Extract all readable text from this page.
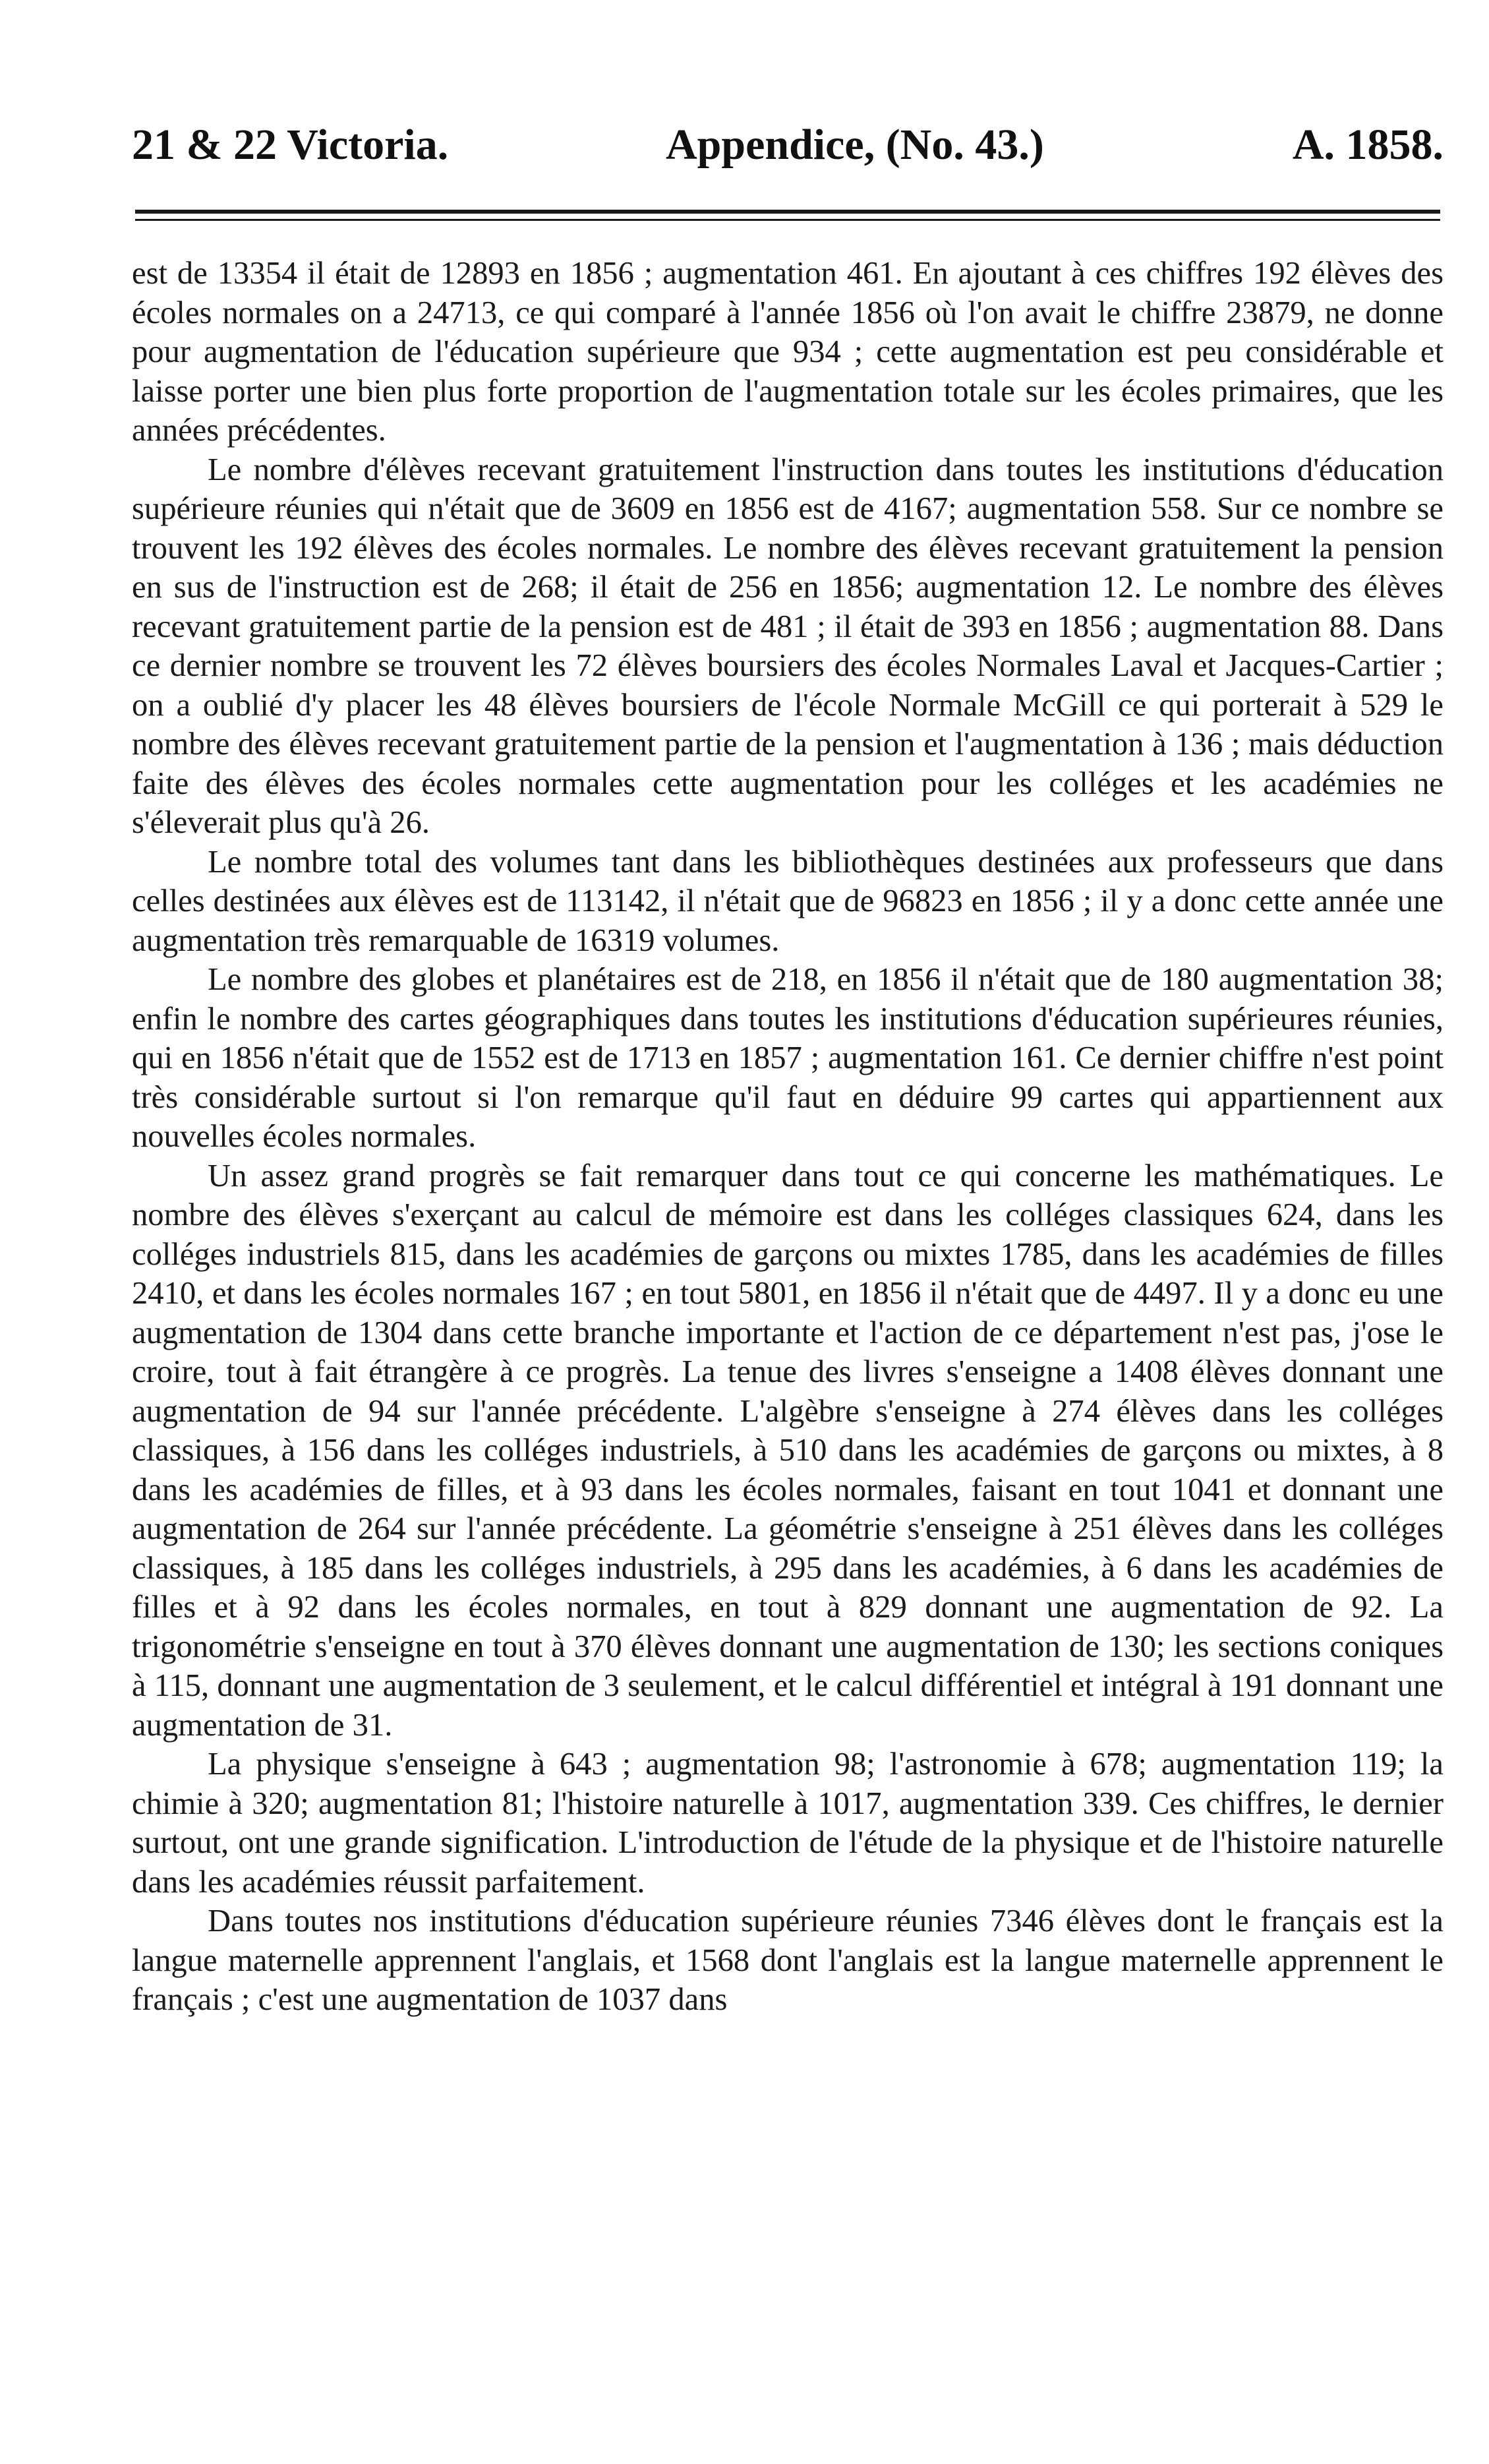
21 & 22 Victoria.	Appendice, (No. 43.)	A. 1858.

est de 13354 il était de 12893 en 1856 ; augmentation 461. En ajoutant à ces chiffres 192 élèves des écoles normales on a 24713, ce qui comparé à l'année 1856 où l'on avait le chiffre 23879, ne donne pour augmentation de l'éducation supérieure que 934 ; cette augmentation est peu considérable et laisse porter une bien plus forte proportion de l'augmentation totale sur les écoles primaires, que les années précédentes.

Le nombre d'élèves recevant gratuitement l'instruction dans toutes les institutions d'éducation supérieure réunies qui n'était que de 3609 en 1856 est de 4167; augmentation 558. Sur ce nombre se trouvent les 192 élèves des écoles normales. Le nombre des élèves recevant gratuitement la pension en sus de l'instruction est de 268; il était de 256 en 1856; augmentation 12. Le nombre des élèves recevant gratuitement partie de la pension est de 481 ; il était de 393 en 1856 ; augmentation 88. Dans ce dernier nombre se trouvent les 72 élèves boursiers des écoles Normales Laval et Jacques-Cartier ; on a oublié d'y placer les 48 élèves boursiers de l'école Normale McGill ce qui porterait à 529 le nombre des élèves recevant gratuitement partie de la pension et l'augmentation à 136 ; mais déduction faite des élèves des écoles normales cette augmentation pour les colléges et les académies ne s'éleverait plus qu'à 26.

Le nombre total des volumes tant dans les bibliothèques destinées aux professeurs que dans celles destinées aux élèves est de 113142, il n'était que de 96823 en 1856 ; il y a donc cette année une augmentation très remarquable de 16319 volumes.

Le nombre des globes et planétaires est de 218, en 1856 il n'était que de 180 augmentation 38; enfin le nombre des cartes géographiques dans toutes les institutions d'éducation supérieures réunies, qui en 1856 n'était que de 1552 est de 1713 en 1857 ; augmentation 161. Ce dernier chiffre n'est point très considérable surtout si l'on remarque qu'il faut en déduire 99 cartes qui appartiennent aux nouvelles écoles normales.

Un assez grand progrès se fait remarquer dans tout ce qui concerne les mathématiques. Le nombre des élèves s'exerçant au calcul de mémoire est dans les colléges classiques 624, dans les colléges industriels 815, dans les académies de garçons ou mixtes 1785, dans les académies de filles 2410, et dans les écoles normales 167 ; en tout 5801, en 1856 il n'était que de 4497. Il y a donc eu une augmentation de 1304 dans cette branche importante et l'action de ce département n'est pas, j'ose le croire, tout à fait étrangère à ce progrès. La tenue des livres s'enseigne a 1408 élèves donnant une augmentation de 94 sur l'année précédente. L'algèbre s'enseigne à 274 élèves dans les colléges classiques, à 156 dans les colléges industriels, à 510 dans les académies de garçons ou mixtes, à 8 dans les académies de filles, et à 93 dans les écoles normales, faisant en tout 1041 et donnant une augmentation de 264 sur l'année précédente. La géométrie s'enseigne à 251 élèves dans les colléges classiques, à 185 dans les colléges industriels, à 295 dans les académies, à 6 dans les académies de filles et à 92 dans les écoles normales, en tout à 829 donnant une augmentation de 92. La trigonométrie s'enseigne en tout à 370 élèves donnant une augmentation de 130; les sections coniques à 115, donnant une augmentation de 3 seulement, et le calcul différentiel et intégral à 191 donnant une augmentation de 31.

La physique s'enseigne à 643 ; augmentation 98; l'astronomie à 678; augmentation 119; la chimie à 320; augmentation 81; l'histoire naturelle à 1017, augmentation 339. Ces chiffres, le dernier surtout, ont une grande signification. L'introduction de l'étude de la physique et de l'histoire naturelle dans les académies réussit parfaitement.

Dans toutes nos institutions d'éducation supérieure réunies 7346 élèves dont le français est la langue maternelle apprennent l'anglais, et 1568 dont l'anglais est la langue maternelle apprennent le français ; c'est une augmentation de 1037 dans
